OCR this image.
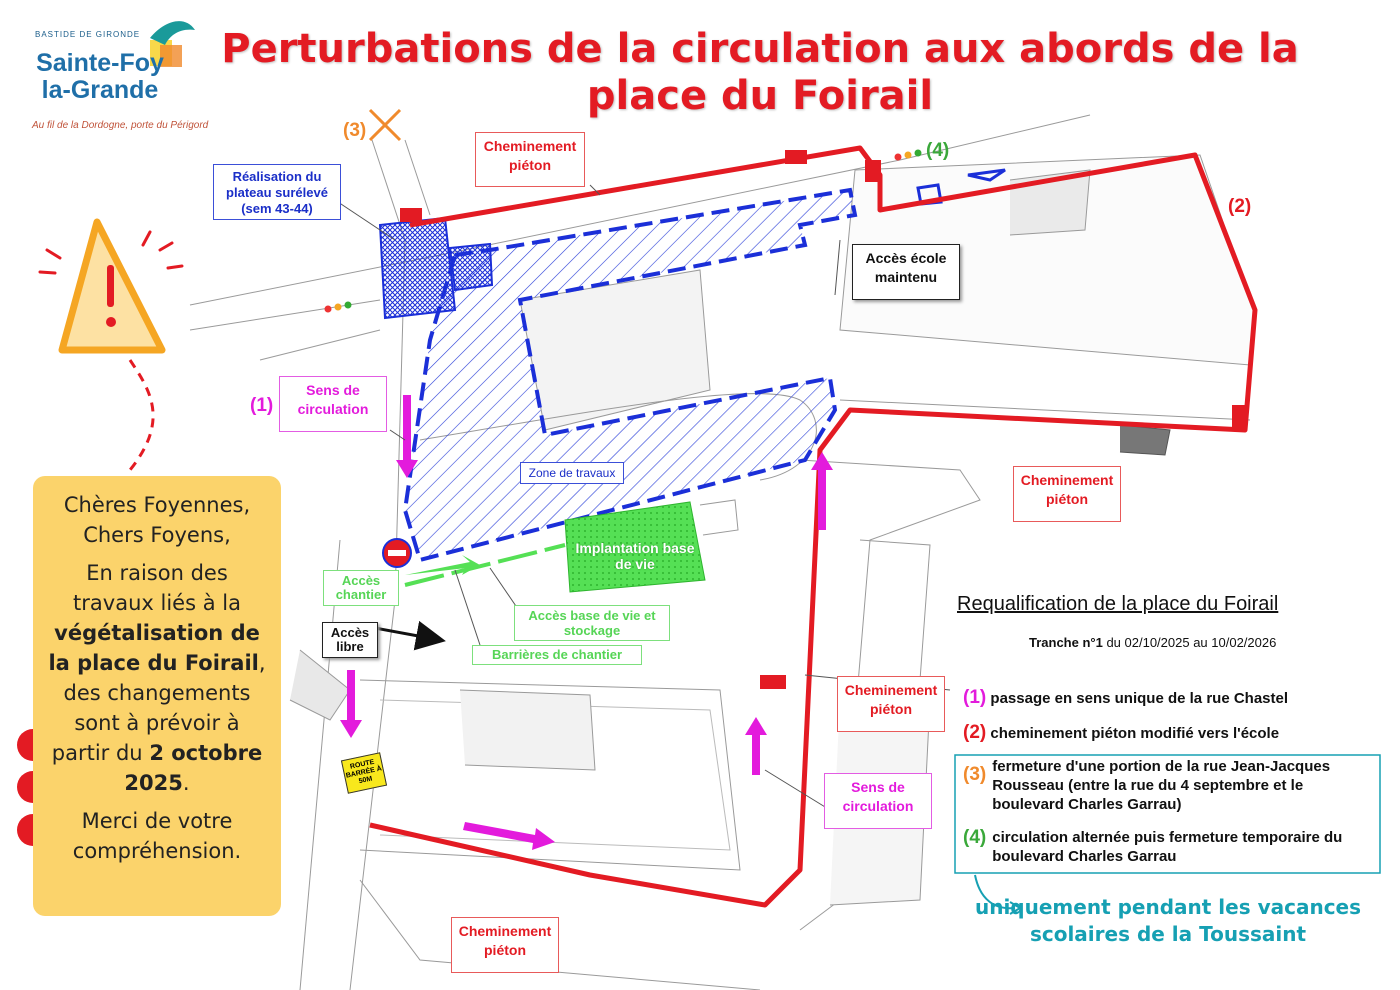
BASTIDE DE GIRONDE
Sainte-Foy
la-Grande
Au fil de la Dordogne, porte du Périgord
Perturbations de la circulation aux abords de la place du Foirail
(3)
(4)
(2)
(1)
Cheminement piéton
Réalisation du plateau surélevé (sem 43-44)
Accès école maintenu
Sens de circulation
Cheminement piéton
Zone de travaux
Implantation base de vie
Accès chantier
Accès libre
Accès base de vie et stockage
Barrières de chantier
Cheminement piéton
Sens de circulation
Cheminement piéton
ROUTE BARRÉE À 50M

Chères Foyennes,
Chers Foyens,

En raison des travaux liés à la végétalisation de la place du Foirail, des changements sont à prévoir à partir du 2 octobre 2025.

Merci de votre compréhension.

Requalification de la place du Foirail
Tranche n°1 du 02/10/2025 au 10/02/2026
(1) passage en sens unique de la rue Chastel
(2) cheminement piéton modifié vers l'école
(3) fermeture d'une portion de la rue Jean-Jacques Rousseau (entre la rue du 4 septembre et le boulevard Charles Garrau)
(4) circulation alternée puis fermeture temporaire du boulevard Charles Garrau
uniquement pendant les vacances scolaires de la Toussaint
